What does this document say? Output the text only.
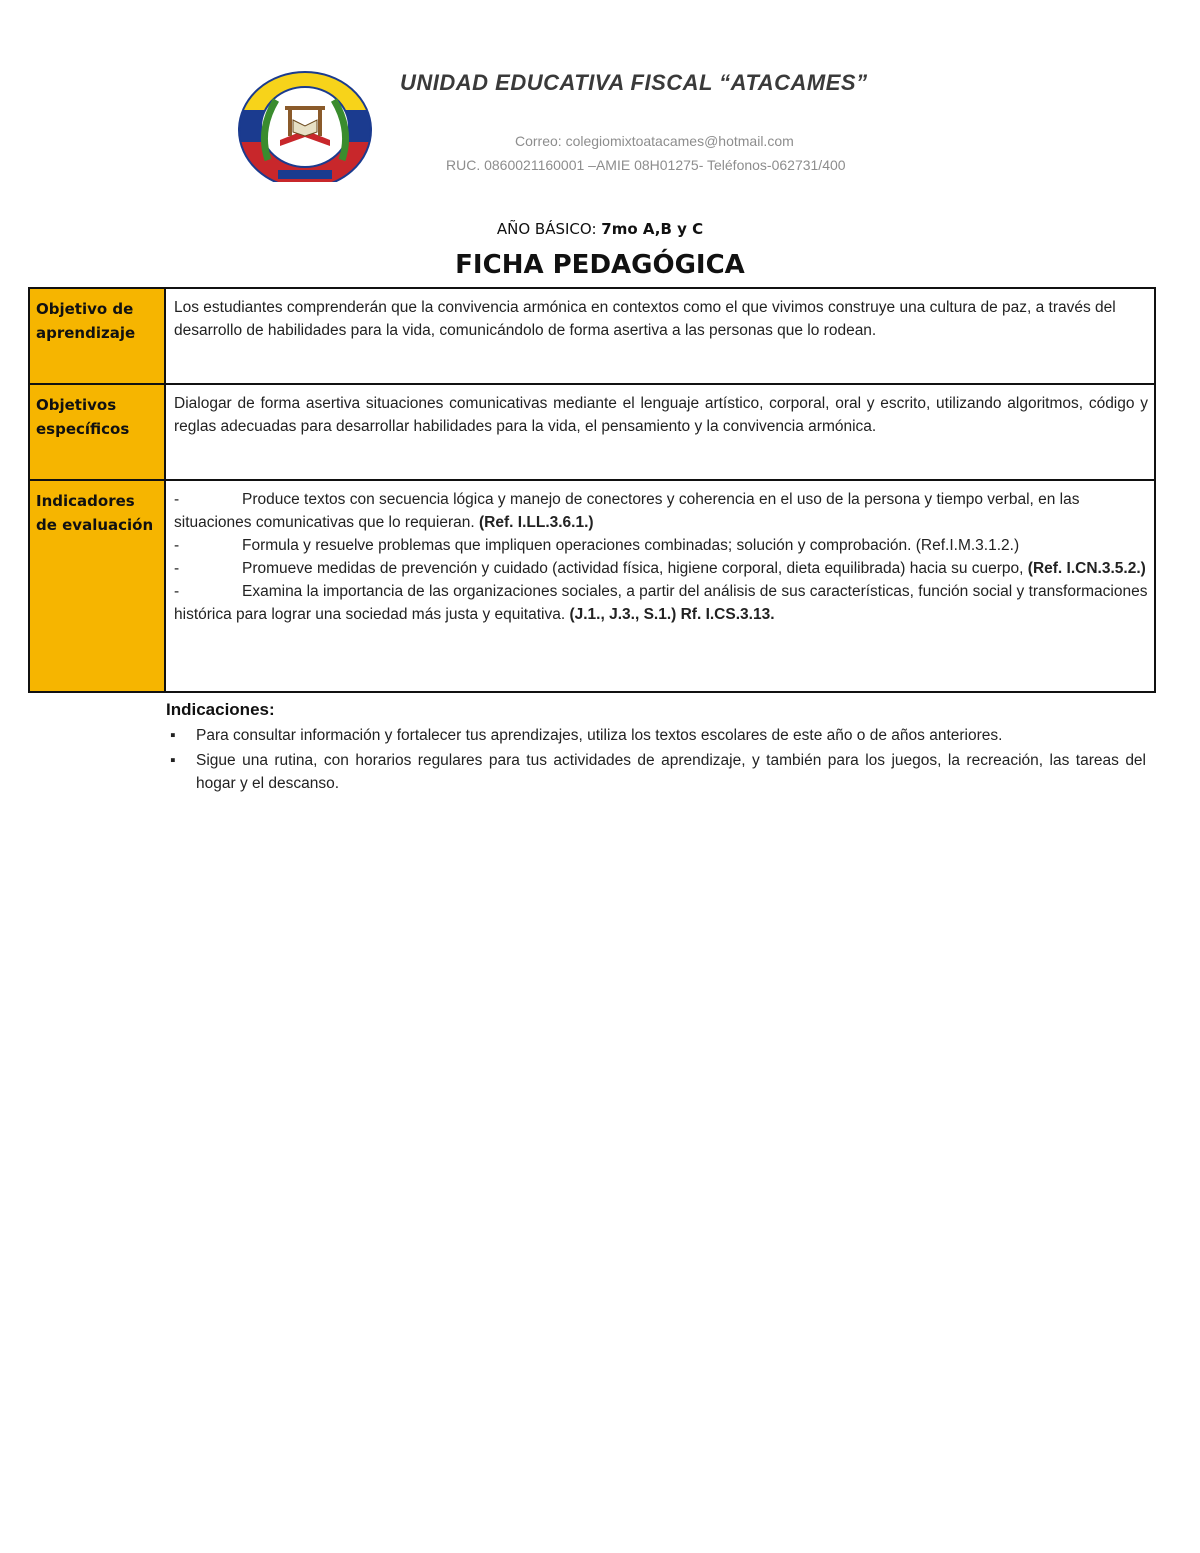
UNIDAD EDUCATIVA FISCAL “ATACAMES”
Correo: colegiomixtoatacames@hotmail.com
RUC. 0860021160001 –AMIE 08H01275- Teléfonos-062731/400
AÑO BÁSICO: 7mo A,B y C
FICHA PEDAGÓGICA
Objetivo de aprendizaje	Los estudiantes comprenderán que la convivencia armónica en contextos como el que vivimos construye una cultura de paz, a través del desarrollo de habilidades para la vida, comunicándolo de forma asertiva a las personas que lo rodean.
Objetivos específicos	Dialogar de forma asertiva situaciones comunicativas mediante el lenguaje artístico, corporal, oral y escrito, utilizando algoritmos, código y reglas adecuadas para desarrollar habilidades para la vida, el pensamiento y la convivencia armónica.
Indicadores de evaluación	- Produce textos con secuencia lógica y manejo de conectores y coherencia en el uso de la persona y tiempo verbal, en las situaciones comunicativas que lo requieran. (Ref. I.LL.3.6.1.)
- Formula y resuelve problemas que impliquen operaciones combinadas; solución y comprobación. (Ref.I.M.3.1.2.)
- Promueve medidas de prevención y cuidado (actividad física, higiene corporal, dieta equilibrada) hacia su cuerpo, (Ref. I.CN.3.5.2.)
- Examina la importancia de las organizaciones sociales, a partir del análisis de sus características, función social y transformaciones histórica para lograr una sociedad más justa y equitativa. (J.1., J.3., S.1.) Rf. I.CS.3.13.
Indicaciones:
▪ Para consultar información y fortalecer tus aprendizajes, utiliza los textos escolares de este año o de años anteriores.
▪ Sigue una rutina, con horarios regulares para tus actividades de aprendizaje, y también para los juegos, la recreación, las tareas del hogar y el descanso.
